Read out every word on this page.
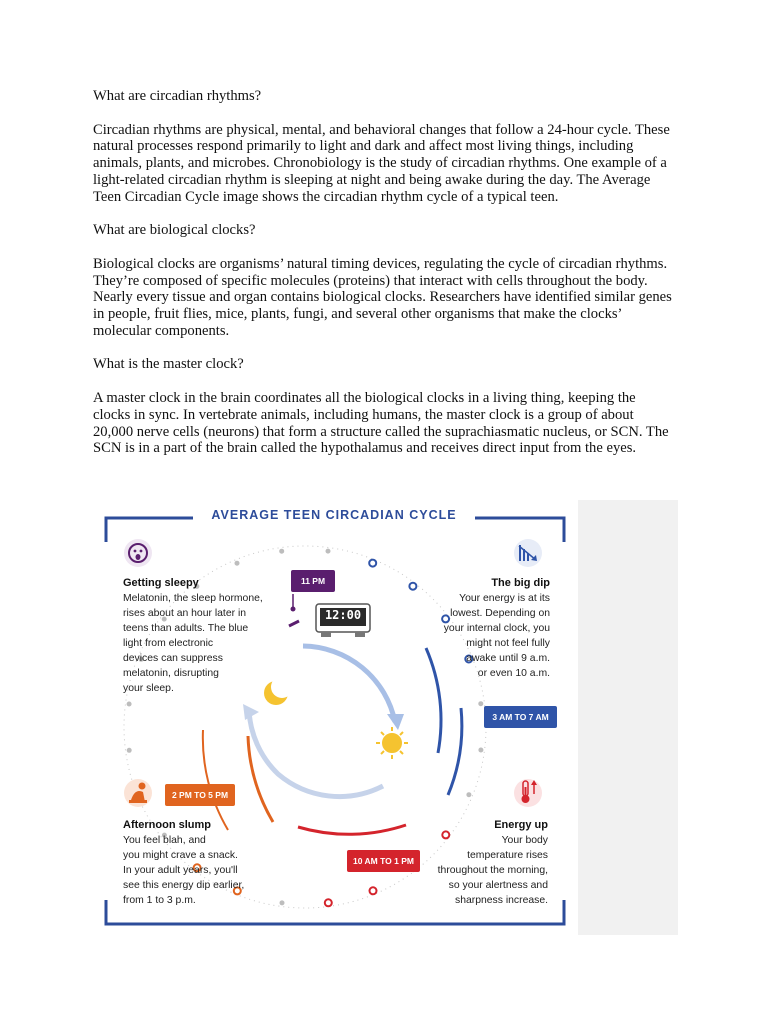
What are circadian rhythms?

Circadian rhythms are physical, mental, and behavioral changes that follow a 24-hour cycle. These natural processes respond primarily to light and dark and affect most living things, including animals, plants, and microbes. Chronobiology is the study of circadian rhythms. One example of a light-related circadian rhythm is sleeping at night and being awake during the day. The Average Teen Circadian Cycle image shows the circadian rhythm cycle of a typical teen.

What are biological clocks?

Biological clocks are organisms’ natural timing devices, regulating the cycle of circadian rhythms. They’re composed of specific molecules (proteins) that interact with cells throughout the body. Nearly every tissue and organ contains biological clocks. Researchers have identified similar genes in people, fruit flies, mice, plants, fungi, and several other organisms that make the clocks’ molecular components.

What is the master clock?

A master clock in the brain coordinates all the biological clocks in a living thing, keeping the clocks in sync. In vertebrate animals, including humans, the master clock is a group of about 20,000 nerve cells (neurons) that form a structure called the suprachiasmatic nucleus, or SCN. The SCN is in a part of the brain called the hypothalamus and receives direct input from the eyes.

AVERAGE TEEN CIRCADIAN CYCLE
12:00
11 PM
3 AM TO 7 AM
2 PM TO 5 PM
10 AM TO 1 PM
Getting sleepy
Melatonin, the sleep hormone,
rises about an hour later in
teens than adults. The blue
light from electronic
devices can suppress
melatonin, disrupting
your sleep.
The big dip
Your energy is at its
lowest. Depending on
your internal clock, you
might not feel fully
awake until 9 a.m.
or even 10 a.m.
Afternoon slump
You feel blah, and
you might crave a snack.
In your adult years, you'll
see this energy dip earlier,
from 1 to 3 p.m.
Energy up
Your body
temperature rises
throughout the morning,
so your alertness and
sharpness increase.
